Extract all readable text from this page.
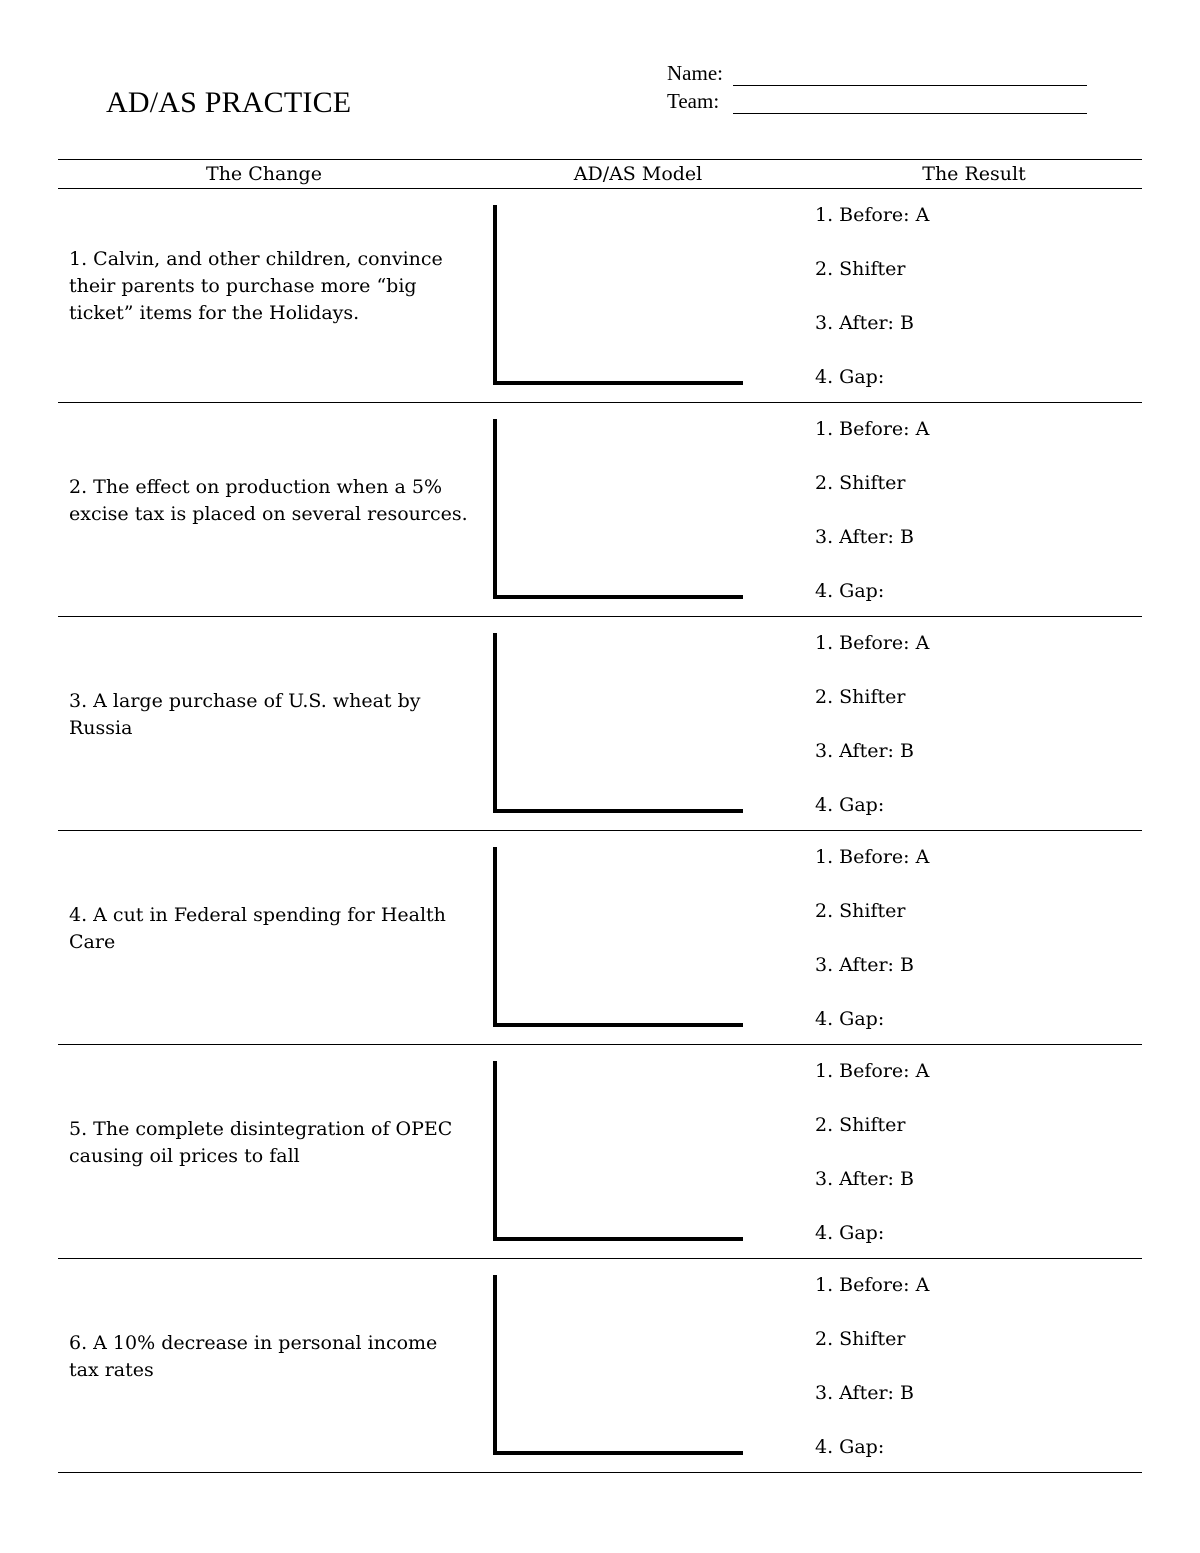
AD/AS PRACTICE
Name:
Team:
The Change	AD/AS Model	The Result
1. Calvin, and other children, convince their parents to purchase more “big ticket” items for the Holidays.
1. Before: A
2. Shifter
3. After: B
4. Gap:
2. The effect on production when a 5% excise tax is placed on several resources.
1. Before: A
2. Shifter
3. After: B
4. Gap:
3. A large purchase of U.S. wheat by Russia
1. Before: A
2. Shifter
3. After: B
4. Gap:
4. A cut in Federal spending for Health Care
1. Before: A
2. Shifter
3. After: B
4. Gap:
5. The complete disintegration of OPEC causing oil prices to fall
1. Before: A
2. Shifter
3. After: B
4. Gap:
6. A 10% decrease in personal income tax rates
1. Before: A
2. Shifter
3. After: B
4. Gap:
